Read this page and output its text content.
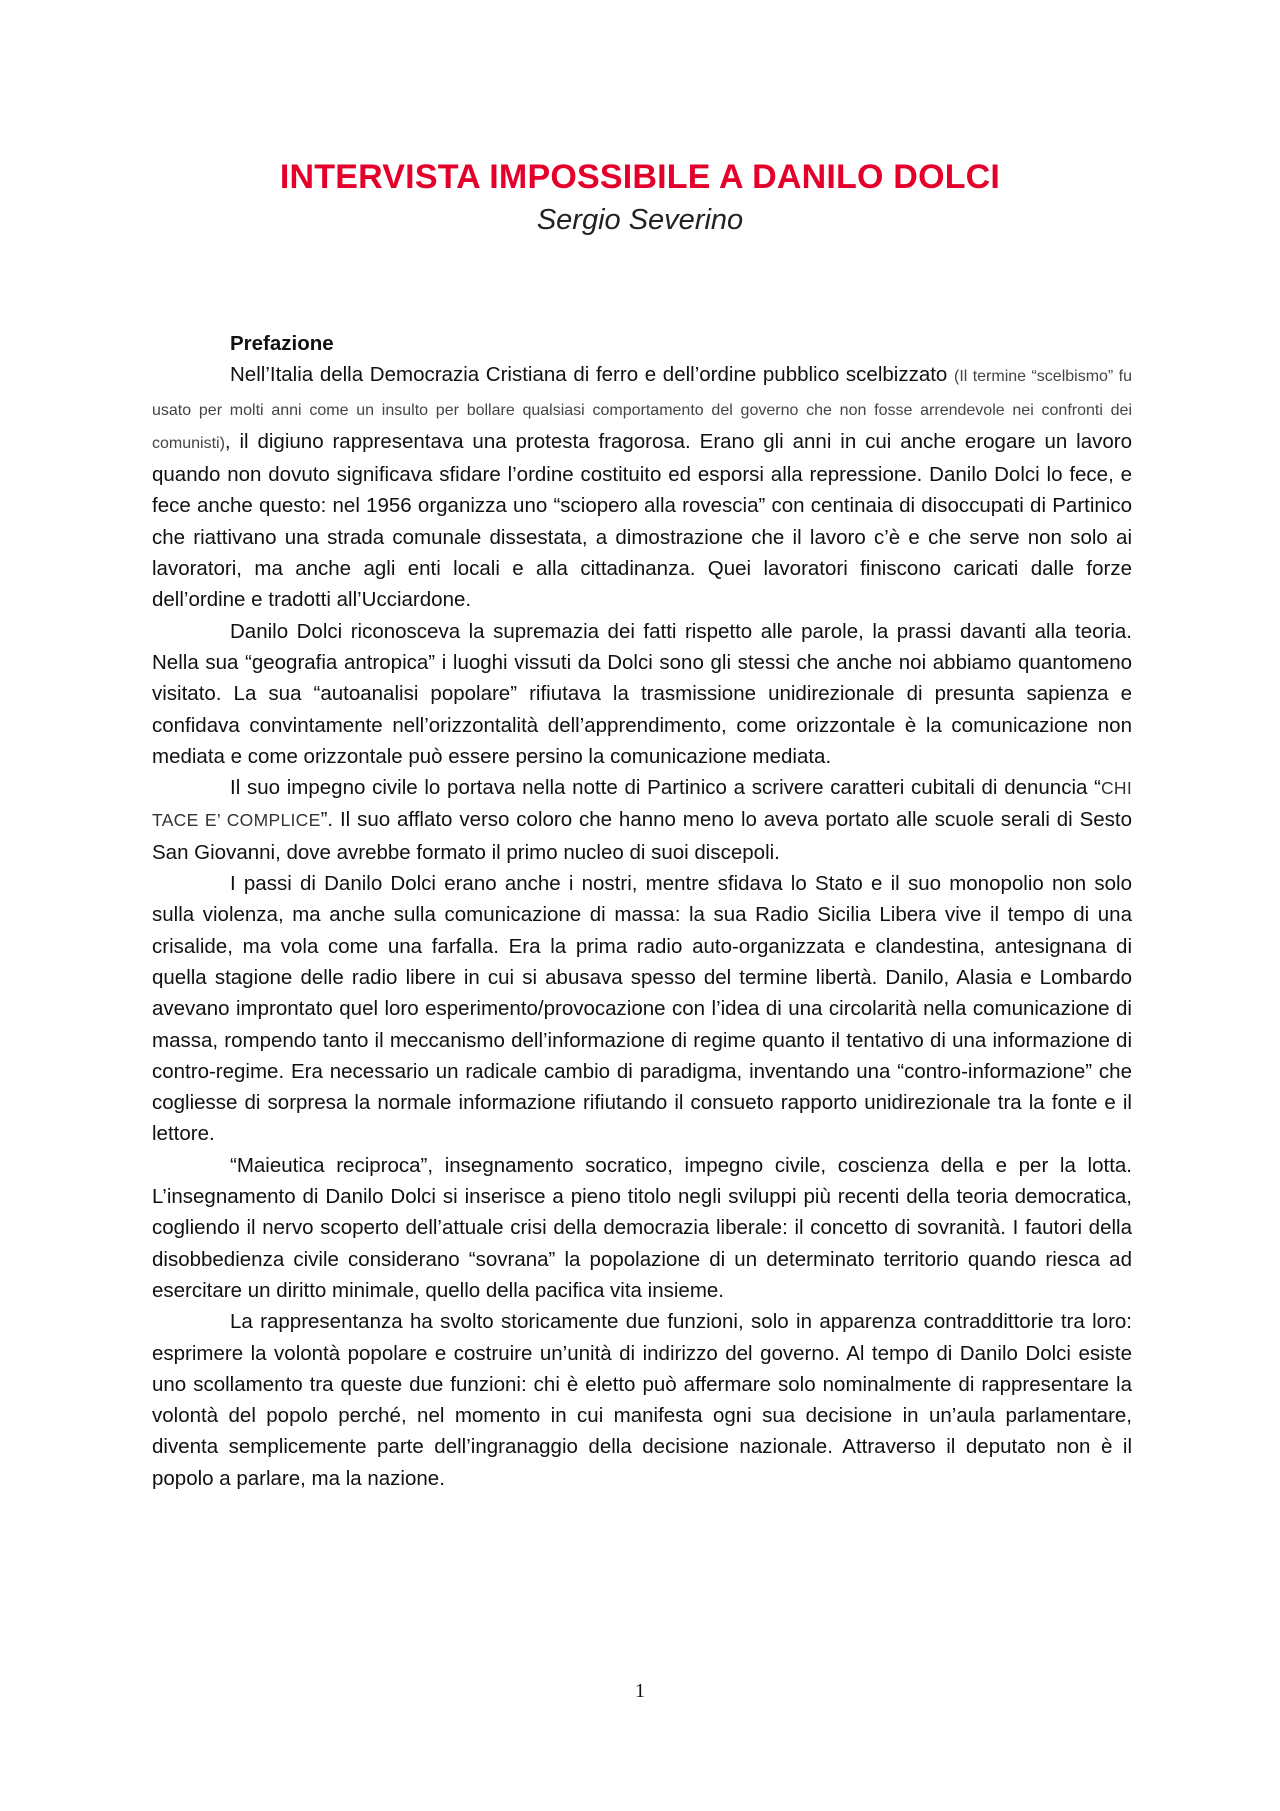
INTERVISTA IMPOSSIBILE A DANILO DOLCI
Sergio Severino
Prefazione

Nell’Italia della Democrazia Cristiana di ferro e dell’ordine pubblico scelbizzato (Il termine “scelbismo” fu usato per molti anni come un insulto per bollare qualsiasi comportamento del governo che non fosse arrendevole nei confronti dei comunisti), il digiuno rappresentava una protesta fragorosa. Erano gli anni in cui anche erogare un lavoro quando non dovuto significava sfidare l’ordine costituito ed esporsi alla repressione. Danilo Dolci lo fece, e fece anche questo: nel 1956 organizza uno “sciopero alla rovescia” con centinaia di disoccupati di Partinico che riattivano una strada comunale dissestata, a dimostrazione che il lavoro c’è e che serve non solo ai lavoratori, ma anche agli enti locali e alla cittadinanza. Quei lavoratori finiscono caricati dalle forze dell’ordine e tradotti all’Ucciardone.

Danilo Dolci riconosceva la supremazia dei fatti rispetto alle parole, la prassi davanti alla teoria. Nella sua “geografia antropica” i luoghi vissuti da Dolci sono gli stessi che anche noi abbiamo quantomeno visitato. La sua “autoanalisi popolare” rifiutava la trasmissione unidirezionale di presunta sapienza e confidava convintamente nell’orizzontalità dell’apprendimento, come orizzontale è la comunicazione non mediata e come orizzontale può essere persino la comunicazione mediata.

Il suo impegno civile lo portava nella notte di Partinico a scrivere caratteri cubitali di denuncia “CHI TACE E’ COMPLICE”. Il suo afflato verso coloro che hanno meno lo aveva portato alle scuole serali di Sesto San Giovanni, dove avrebbe formato il primo nucleo di suoi discepoli.

I passi di Danilo Dolci erano anche i nostri, mentre sfidava lo Stato e il suo monopolio non solo sulla violenza, ma anche sulla comunicazione di massa: la sua Radio Sicilia Libera vive il tempo di una crisalide, ma vola come una farfalla. Era la prima radio auto-organizzata e clandestina, antesignana di quella stagione delle radio libere in cui si abusava spesso del termine libertà. Danilo, Alasia e Lombardo avevano improntato quel loro esperimento/provocazione con l’idea di una circolarità nella comunicazione di massa, rompendo tanto il meccanismo dell’informazione di regime quanto il tentativo di una informazione di contro-regime. Era necessario un radicale cambio di paradigma, inventando una “contro-informazione” che cogliesse di sorpresa la normale informazione rifiutando il consueto rapporto unidirezionale tra la fonte e il lettore.

“Maieutica reciproca”, insegnamento socratico, impegno civile, coscienza della e per la lotta. L’insegnamento di Danilo Dolci si inserisce a pieno titolo negli sviluppi più recenti della teoria democratica, cogliendo il nervo scoperto dell’attuale crisi della democrazia liberale: il concetto di sovranità. I fautori della disobbedienza civile considerano “sovrana” la popolazione di un determinato territorio quando riesca ad esercitare un diritto minimale, quello della pacifica vita insieme.

La rappresentanza ha svolto storicamente due funzioni, solo in apparenza contraddittorie tra loro: esprimere la volontà popolare e costruire un’unità di indirizzo del governo. Al tempo di Danilo Dolci esiste uno scollamento tra queste due funzioni: chi è eletto può affermare solo nominalmente di rappresentare la volontà del popolo perché, nel momento in cui manifesta ogni sua decisione in un’aula parlamentare, diventa semplicemente parte dell’ingranaggio della decisione nazionale. Attraverso il deputato non è il popolo a parlare, ma la nazione.

1
